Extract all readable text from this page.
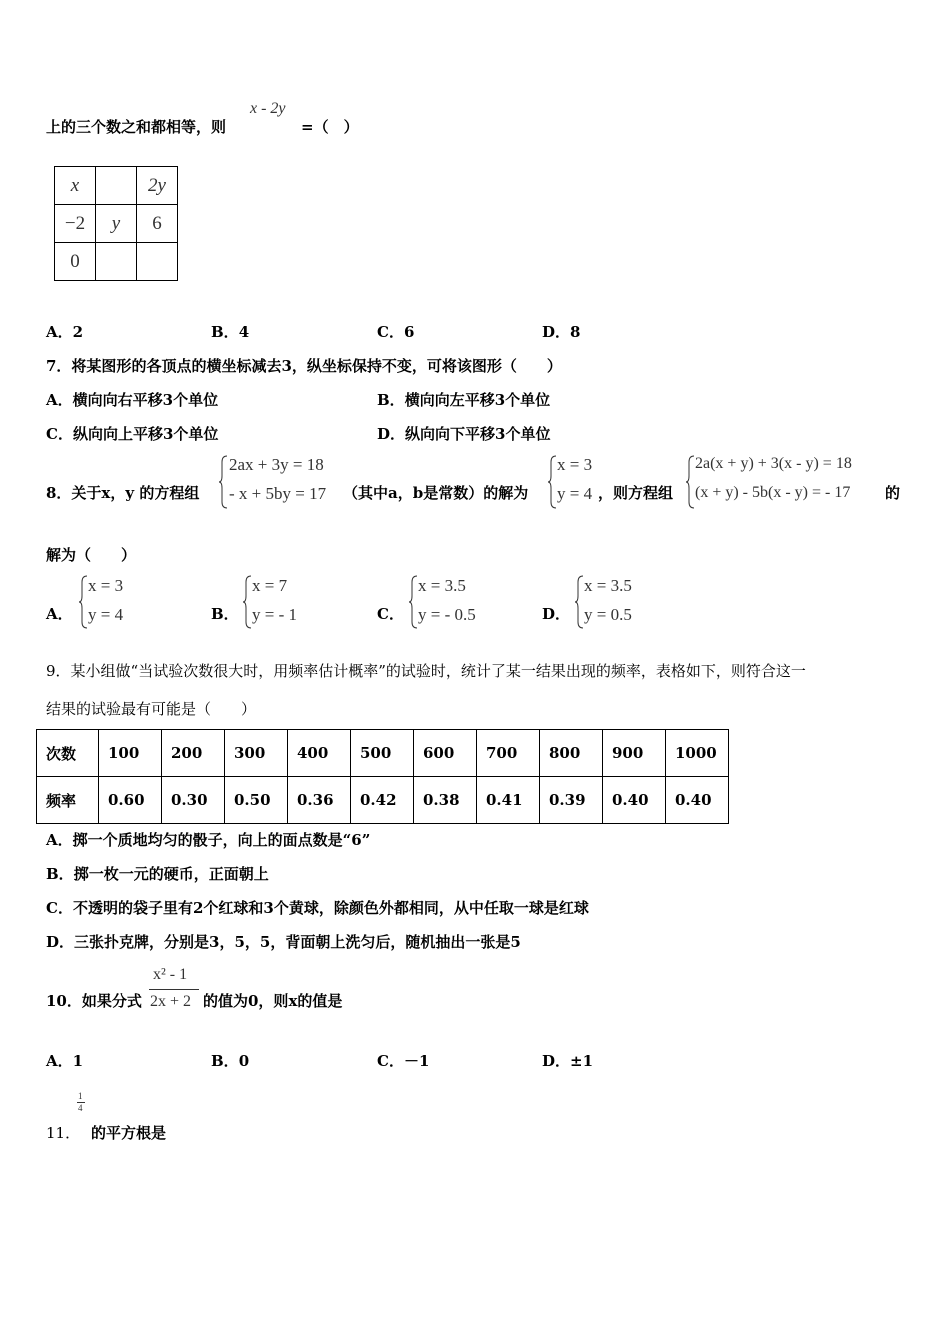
上的三个数之和都相等，则
x - 2y
=（　）
x		2y
−2	y	6
0		
A．2	B．4	C．6	D．8
7．将某图形的各顶点的横坐标减去3，纵坐标保持不变，可将该图形（　　）
A．横向向右平移3个单位	B．横向向左平移3个单位
C．纵向向上平移3个单位	D．纵向向下平移3个单位
8．关于x，y 的方程组
2ax + 3y = 18
- x + 5by = 17 （其中a，b是常数）的解为
x = 3
y = 4 ，则方程组
2a(x + y) + 3(x - y) = 18
(x + y) - 5b(x - y) = - 17 的
解为（　　）
A．
x = 3
y = 4	B．
x = 7
y = - 1	C．
x = 3.5
y = - 0.5	D．
x = 3.5
y = 0.5
9．某小组做“当试验次数很大时，用频率估计概率”的试验时，统计了某一结果出现的频率，表格如下，则符合这一
结果的试验最有可能是（　　）
次数	100	200	300	400	500	600	700	800	900	1000
频率	0.60	0.30	0.50	0.36	0.42	0.38	0.41	0.39	0.40	0.40
A．掷一个质地均匀的骰子，向上的面点数是“6”
B．掷一枚一元的硬币，正面朝上
C．不透明的袋子里有2个红球和3个黄球，除颜色外都相同，从中任取一球是红球
D．三张扑克牌，分别是3，5，5，背面朝上洗匀后，随机抽出一张是5
10．如果分式
x² - 1
2x + 2 的值为0，则x的值是
A．1	B．0	C．－1	D．±1
11．
1
4
的平方根是
